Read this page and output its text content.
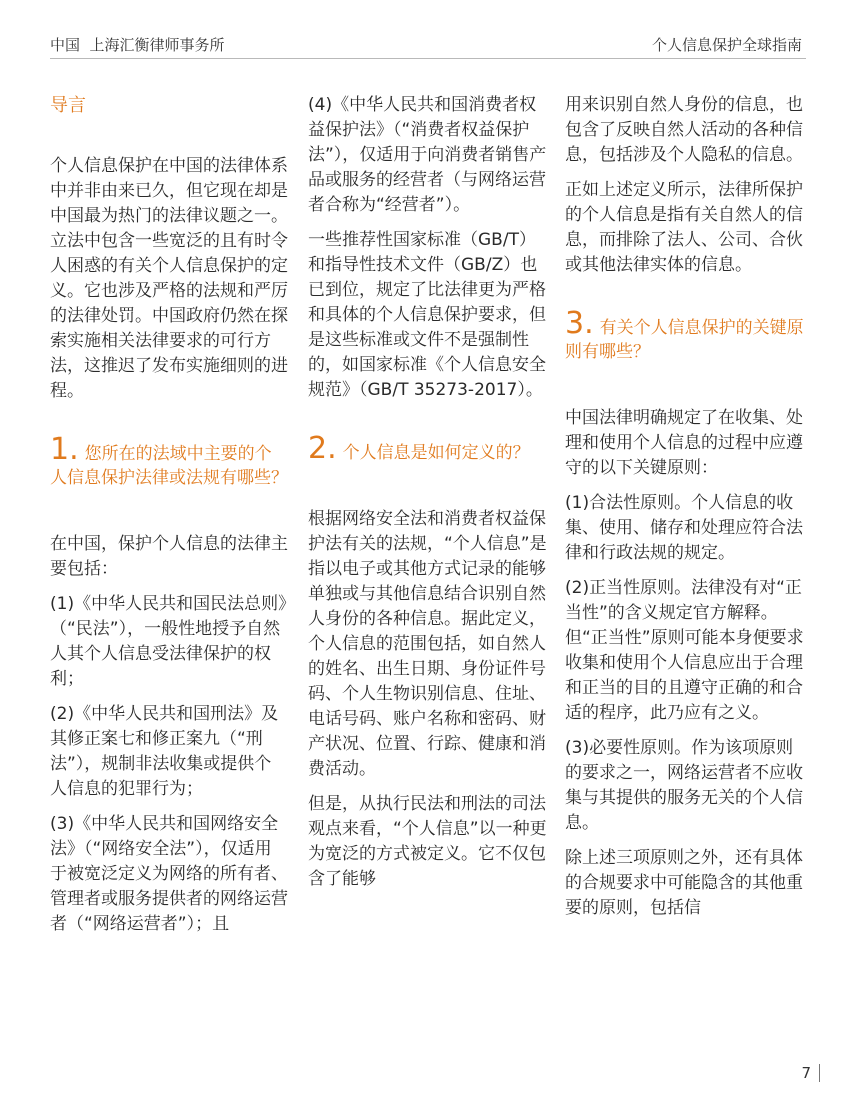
中国  上海汇衡律师事务所	个人信息保护全球指南

导言

个人信息保护在中国的法律体系中并非由来已久，但它现在却是中国最为热门的法律议题之一。立法中包含一些宽泛的且有时令人困惑的有关个人信息保护的定义。它也涉及严格的法规和严厉的法律处罚。中国政府仍然在探索实施相关法律要求的可行方法，这推迟了发布实施细则的进程。

1. 您所在的法域中主要的个人信息保护法律或法规有哪些？

在中国，保护个人信息的法律主要包括：

(1)《中华人民共和国民法总则》（“民法”），一般性地授予自然人其个人信息受法律保护的权利；

(2)《中华人民共和国刑法》及其修正案七和修正案九（“刑法”），规制非法收集或提供个人信息的犯罪行为；

(3)《中华人民共和国网络安全法》（“网络安全法”），仅适用于被宽泛定义为网络的所有者、管理者或服务提供者的网络运营者（“网络运营者”）；且

(4)《中华人民共和国消费者权益保护法》（“消费者权益保护法”），仅适用于向消费者销售产品或服务的经营者（与网络运营者合称为“经营者”）。

一些推荐性国家标准（GB/T）和指导性技术文件（GB/Z）也已到位，规定了比法律更为严格和具体的个人信息保护要求，但是这些标准或文件不是强制性的，如国家标准《个人信息安全规范》（GB/T 35273-2017）。

2. 个人信息是如何定义的？

根据网络安全法和消费者权益保护法有关的法规，“个人信息”是指以电子或其他方式记录的能够单独或与其他信息结合识别自然人身份的各种信息。据此定义，个人信息的范围包括，如自然人的姓名、出生日期、身份证件号码、个人生物识别信息、住址、电话号码、账户名称和密码、财产状况、位置、行踪、健康和消费活动。

但是，从执行民法和刑法的司法观点来看，“个人信息”以一种更为宽泛的方式被定义。它不仅包含了能够

用来识别自然人身份的信息，也包含了反映自然人活动的各种信息，包括涉及个人隐私的信息。

正如上述定义所示，法律所保护的个人信息是指有关自然人的信息，而排除了法人、公司、合伙或其他法律实体的信息。

3. 有关个人信息保护的关键原则有哪些？

中国法律明确规定了在收集、处理和使用个人信息的过程中应遵守的以下关键原则：

(1)合法性原则。个人信息的收集、使用、储存和处理应符合法律和行政法规的规定。

(2)正当性原则。法律没有对“正当性”的含义规定官方解释。但“正当性”原则可能本身便要求收集和使用个人信息应出于合理和正当的目的且遵守正确的和合适的程序，此乃应有之义。

(3)必要性原则。作为该项原则的要求之一，网络运营者不应收集与其提供的服务无关的个人信息。

除上述三项原则之外，还有具体的合规要求中可能隐含的其他重要的原则，包括信

7
